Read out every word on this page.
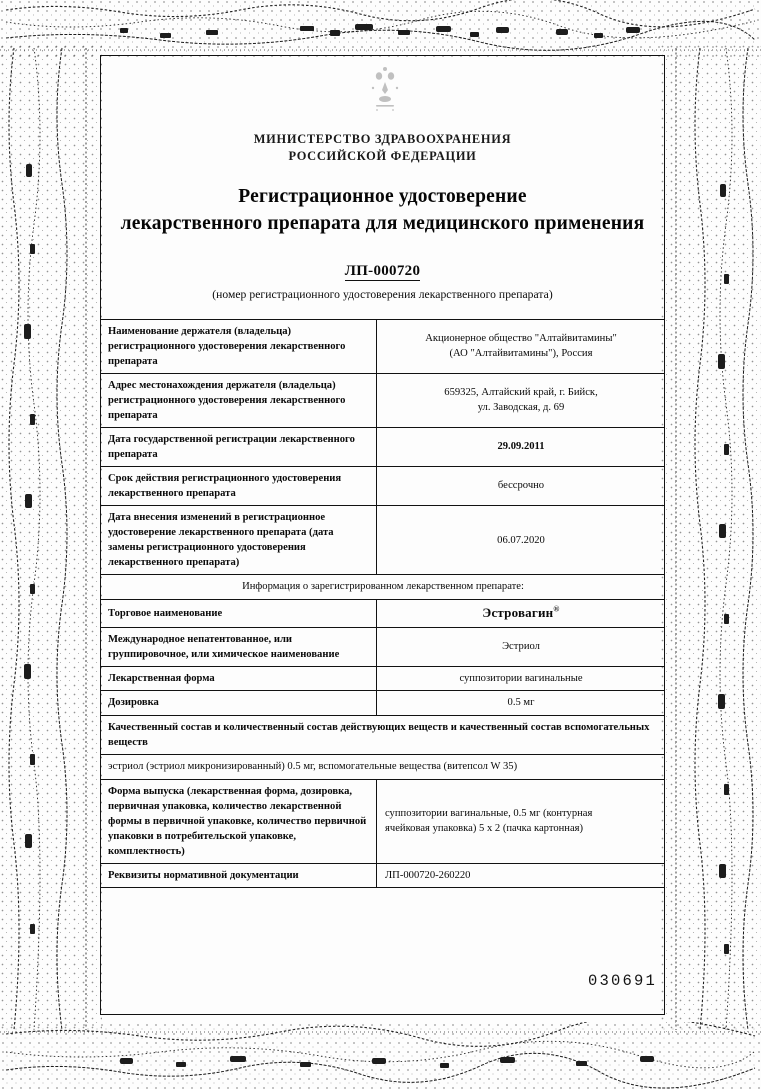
МИНИСТЕРСТВО ЗДРАВООХРАНЕНИЯ
РОССИЙСКОЙ ФЕДЕРАЦИИ
Регистрационное удостоверение
лекарственного препарата для медицинского применения
ЛП-000720
(номер регистрационного удостоверения лекарственного препарата)
Наименование держателя (владельца) регистрационного удостоверения лекарственного препарата	Акционерное общество "Алтайвитамины"
(АО "Алтайвитамины"), Россия

Адрес местонахождения держателя (владельца) регистрационного удостоверения лекарственного препарата	659325, Алтайский край, г. Бийск,
ул. Заводская, д. 69

Дата государственной регистрации лекарственного препарата	29.09.2011
Срок действия регистрационного удостоверения лекарственного препарата	бессрочно
Дата внесения изменений в регистрационное удостоверение лекарственного препарата (дата замены регистрационного удостоверения лекарственного препарата)	06.07.2020
Информация о зарегистрированном лекарственном препарате:	
Торговое наименование	Эстровагин®
Международное непатентованное, или группировочное, или химическое наименование	Эстриол
Лекарственная форма	суппозитории вагинальные
Дозировка	0.5 мг
Качественный состав и количественный состав действующих веществ и качественный состав вспомогательных веществ	
эстриол (эстриол микронизированный) 0.5 мг, вспомогательные вещества (витепсол W 35)	
Форма выпуска (лекарственная форма, дозировка, первичная упаковка, количество лекарственной формы в первичной упаковке, количество первичной упаковки в потребительской упаковке, комплектность)	суппозитории вагинальные, 0.5 мг (контурная
ячейковая упаковка) 5 х 2 (пачка картонная)

Реквизиты нормативной документации	ЛП-000720-260220
030691
